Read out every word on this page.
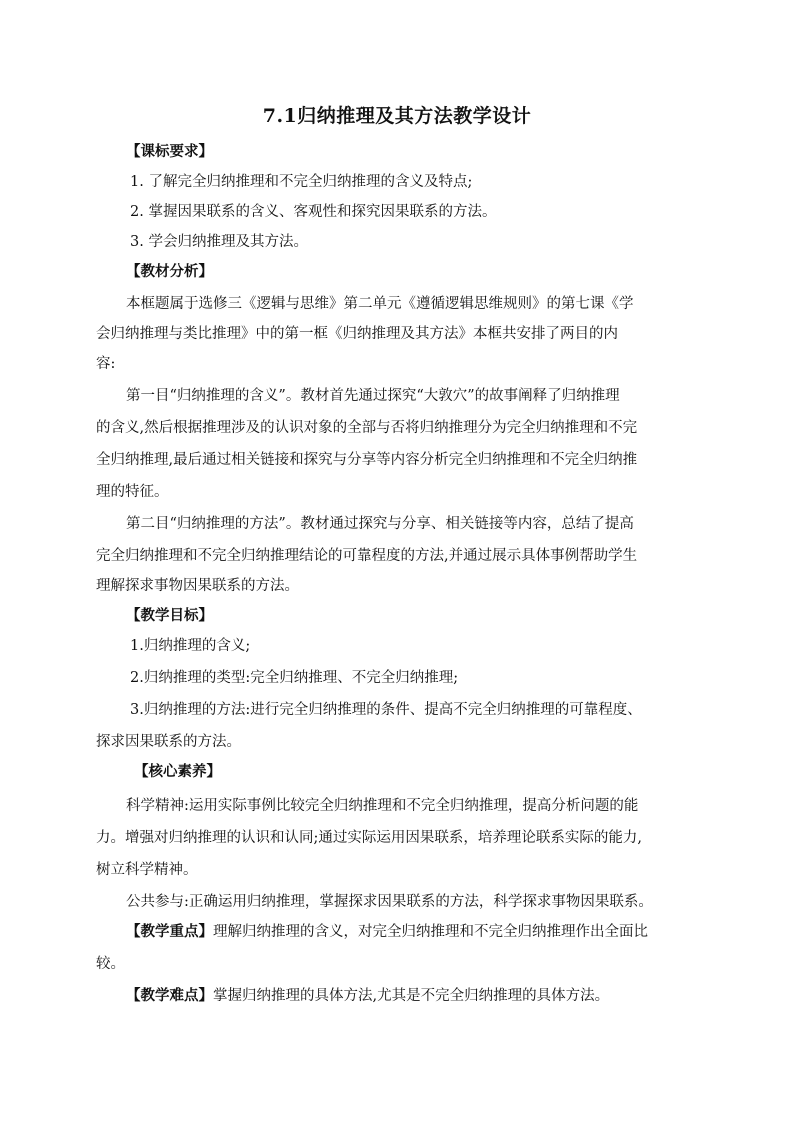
7.1归纳推理及其方法教学设计
【课标要求】
1. 了解完全归纳推理和不完全归纳推理的含义及特点;
2. 掌握因果联系的含义、客观性和探究因果联系的方法。
3. 学会归纳推理及其方法。
【教材分析】
本框题属于选修三《逻辑与思维》第二单元《遵循逻辑思维规则》的第七课《学
会归纳推理与类比推理》中的第一框《归纳推理及其方法》本框共安排了两目的内
容:
第一目“归纳推理的含义”。教材首先通过探究“大敦穴”的故事阐释了归纳推理
的含义,然后根据推理涉及的认识对象的全部与否将归纳推理分为完全归纳推理和不完
全归纳推理,最后通过相关链接和探究与分享等内容分析完全归纳推理和不完全归纳推
理的特征。
第二目“归纳推理的方法”。教材通过探究与分享、相关链接等内容，总结了提高
完全归纳推理和不完全归纳推理结论的可靠程度的方法,并通过展示具体事例帮助学生
理解探求事物因果联系的方法。
【教学目标】
1.归纳推理的含义;
2.归纳推理的类型:完全归纳推理、不完全归纳推理;
3.归纳推理的方法:进行完全归纳推理的条件、提高不完全归纳推理的可靠程度、
探求因果联系的方法。
【核心素养】
科学精神:运用实际事例比较完全归纳推理和不完全归纳推理，提高分析问题的能
力。增强对归纳推理的认识和认同;通过实际运用因果联系，培养理论联系实际的能力,
树立科学精神。
公共参与:正确运用归纳推理，掌握探求因果联系的方法，科学探求事物因果联系。
【教学重点】理解归纳推理的含义，对完全归纳推理和不完全归纳推理作出全面比
较。
【教学难点】掌握归纳推理的具体方法,尤其是不完全归纳推理的具体方法。
